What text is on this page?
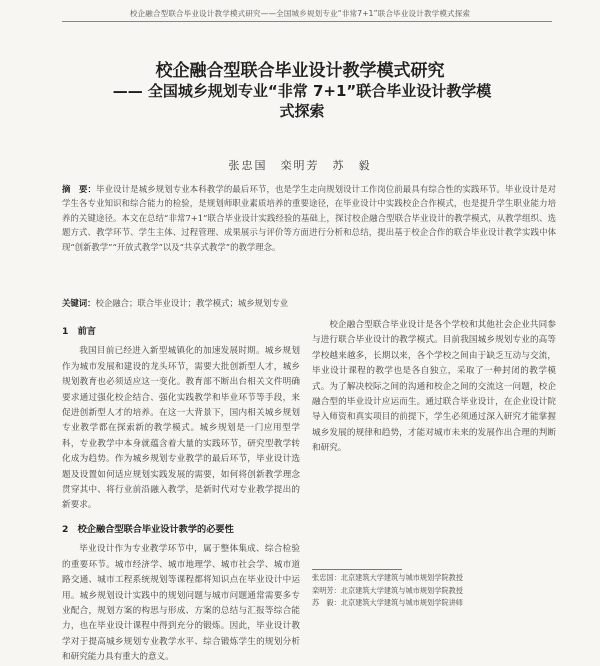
校企融合型联合毕业设计教学模式研究——全国城乡规划专业“非常7+1”联合毕业设计教学模式探索
校企融合型联合毕业设计教学模式研究
—— 全国城乡规划专业“非常 7+1”联合毕业设计教学模式探索
张忠国　栾明芳　苏　毅
摘　要：毕业设计是城乡规划专业本科教学的最后环节，也是学生走向规划设计工作岗位前最具有综合性的实践环节。毕业设计是对学生各专业知识和综合能力的检验，是规划师职业素质培养的重要途径，在毕业设计中实践校企合作模式，也是提升学生职业能力培养的关键途径。本文在总结“非常7+1”联合毕业设计实践经验的基础上，探讨校企融合型联合毕业设计的教学模式，从教学组织、选题方式、教学环节、学生主体、过程管理、成果展示与评价等方面进行分析和总结，提出基于校企合作的联合毕业设计教学实践中体现“创新教学”“开放式教学”以及“共享式教学”的教学理念。
关键词：校企融合；联合毕业设计；教学模式；城乡规划专业
1　前言

我国目前已经进入新型城镇化的加速发展时期。城乡规划作为城市发展和建设的龙头环节，需要大批创新型人才，城乡规划教育也必须适应这一变化。教育部不断出台相关文件明确要求通过强化校企结合、强化实践教学和毕业环节等手段，来促进创新型人才的培养。在这一大背景下，国内相关城乡规划专业教学都在探索新的教学模式。城乡规划是一门应用型学科，专业教学中本身就蕴含着大量的实践环节，研究型教学转化成为趋势。作为城乡规划专业教学的最后环节，毕业设计选题及设置如何适应规划实践发展的需要，如何将创新教学理念贯穿其中、将行业前沿融入教学，是新时代对专业教学提出的新要求。

2　校企融合型联合毕业设计教学的必要性

毕业设计作为专业教学环节中，属于整体集成、综合检验的重要环节。城市经济学、城市地理学、城市社会学、城市道路交通、城市工程系统规划等课程都将知识点在毕业设计中运用。城乡规划设计实践中的规划问题与城市问题通常需要多专业配合，规划方案的构思与形成、方案的总结与汇报等综合能力，也在毕业设计课程中得到充分的锻炼。因此，毕业设计教学对于提高城乡规划专业教学水平、综合锻炼学生的规划分析和研究能力具有重大的意义。

校企融合型联合毕业设计是各个学校和其他社会企业共同参与进行联合毕业设计的教学模式。目前我国城乡规划专业的高等学校越来越多，长期以来，各个学校之间由于缺乏互动与交流，毕业设计课程的教学也是各自独立，采取了一种封闭的教学模式。为了解决校际之间的沟通和校企之间的交流这一问题，校企融合型的毕业设计应运而生。通过联合毕业设计，在企业设计院导入师资和真实项目的前提下，学生必须通过深入研究才能掌握城乡发展的规律和趋势，才能对城市未来的发展作出合理的判断和研究。

张忠国：北京建筑大学建筑与城市规划学院教授
栾明芳：北京建筑大学建筑与城市规划学院教授
苏　毅：北京建筑大学建筑与城市规划学院讲师
